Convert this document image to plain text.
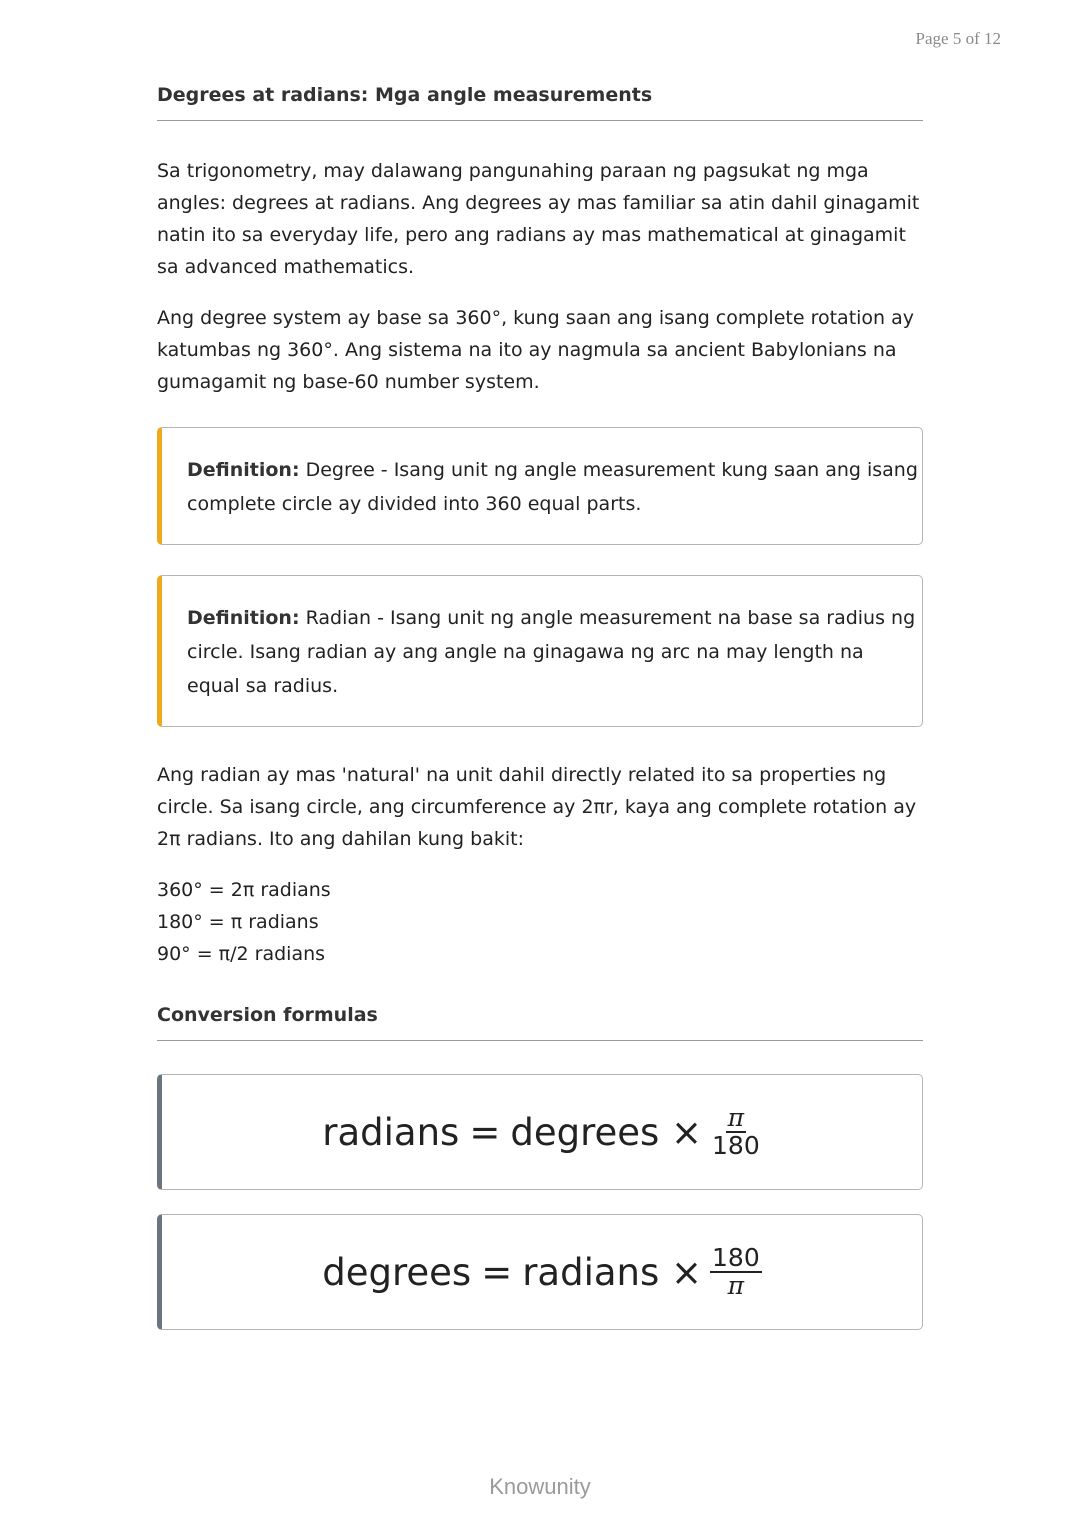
Page 5 of 12
Degrees at radians: Mga angle measurements

Sa trigonometry, may dalawang pangunahing paraan ng pagsukat ng mga angles: degrees at radians. Ang degrees ay mas familiar sa atin dahil ginagamit natin ito sa everyday life, pero ang radians ay mas mathematical at ginagamit sa advanced mathematics.

Ang degree system ay base sa 360°, kung saan ang isang complete rotation ay katumbas ng 360°. Ang sistema na ito ay nagmula sa ancient Babylonians na gumagamit ng base-60 number system.

Definition: Degree - Isang unit ng angle measurement kung saan ang isang complete circle ay divided into 360 equal parts.
Definition: Radian - Isang unit ng angle measurement na base sa radius ng circle. Isang radian ay ang angle na ginagawa ng arc na may length na equal sa radius.

Ang radian ay mas 'natural' na unit dahil directly related ito sa properties ng circle. Sa isang circle, ang circumference ay 2πr, kaya ang complete rotation ay 2π radians. Ito ang dahilan kung bakit:

360° = 2π radians
180° = π radians
90° = π/2 radians
Conversion formulas
radians = degrees × $\frac{\pi}{180}$
degrees = radians × $\frac{180}{\pi}$
Knowunity
